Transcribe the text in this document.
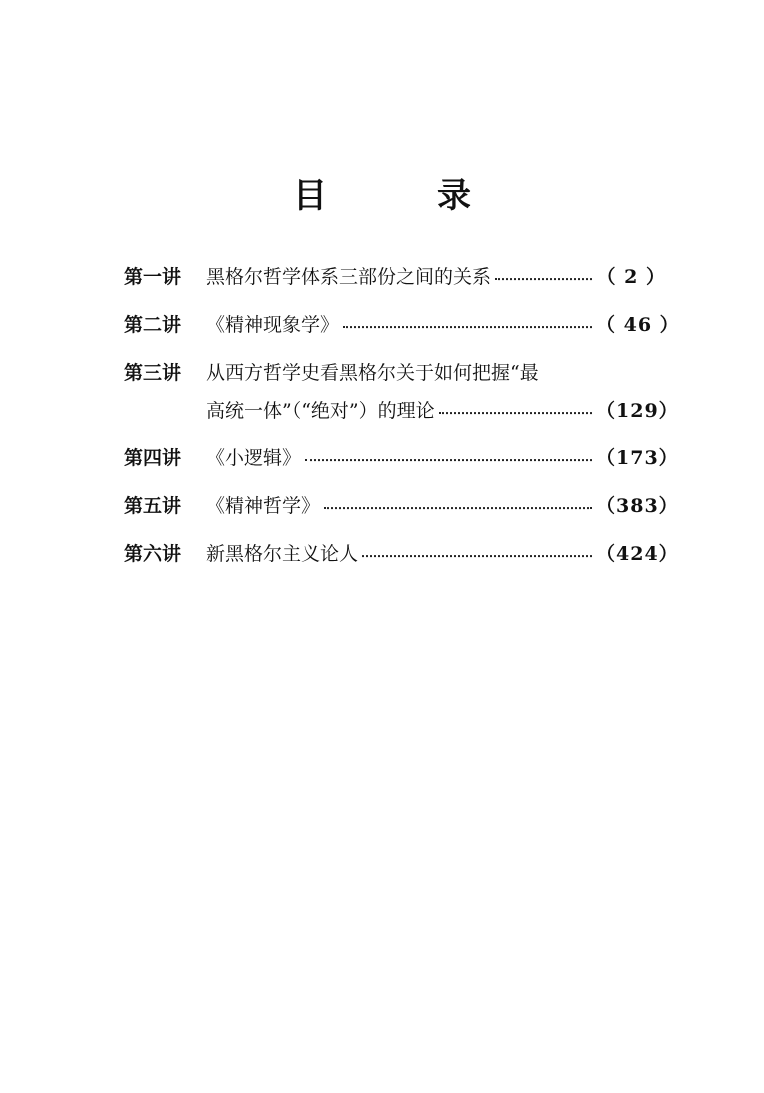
目	录
第一讲	黑格尔哲学体系三部份之间的关系	（ 2 ）
第二讲	《精神现象学》	（ 46 ）
第三讲	从西方哲学史看黑格尔关于如何把握“最
高统一体”（“绝对”）的理论	（129）
第四讲	《小逻辑》	（173）
第五讲	《精神哲学》	（383）
第六讲	新黑格尔主义论人	（424）
